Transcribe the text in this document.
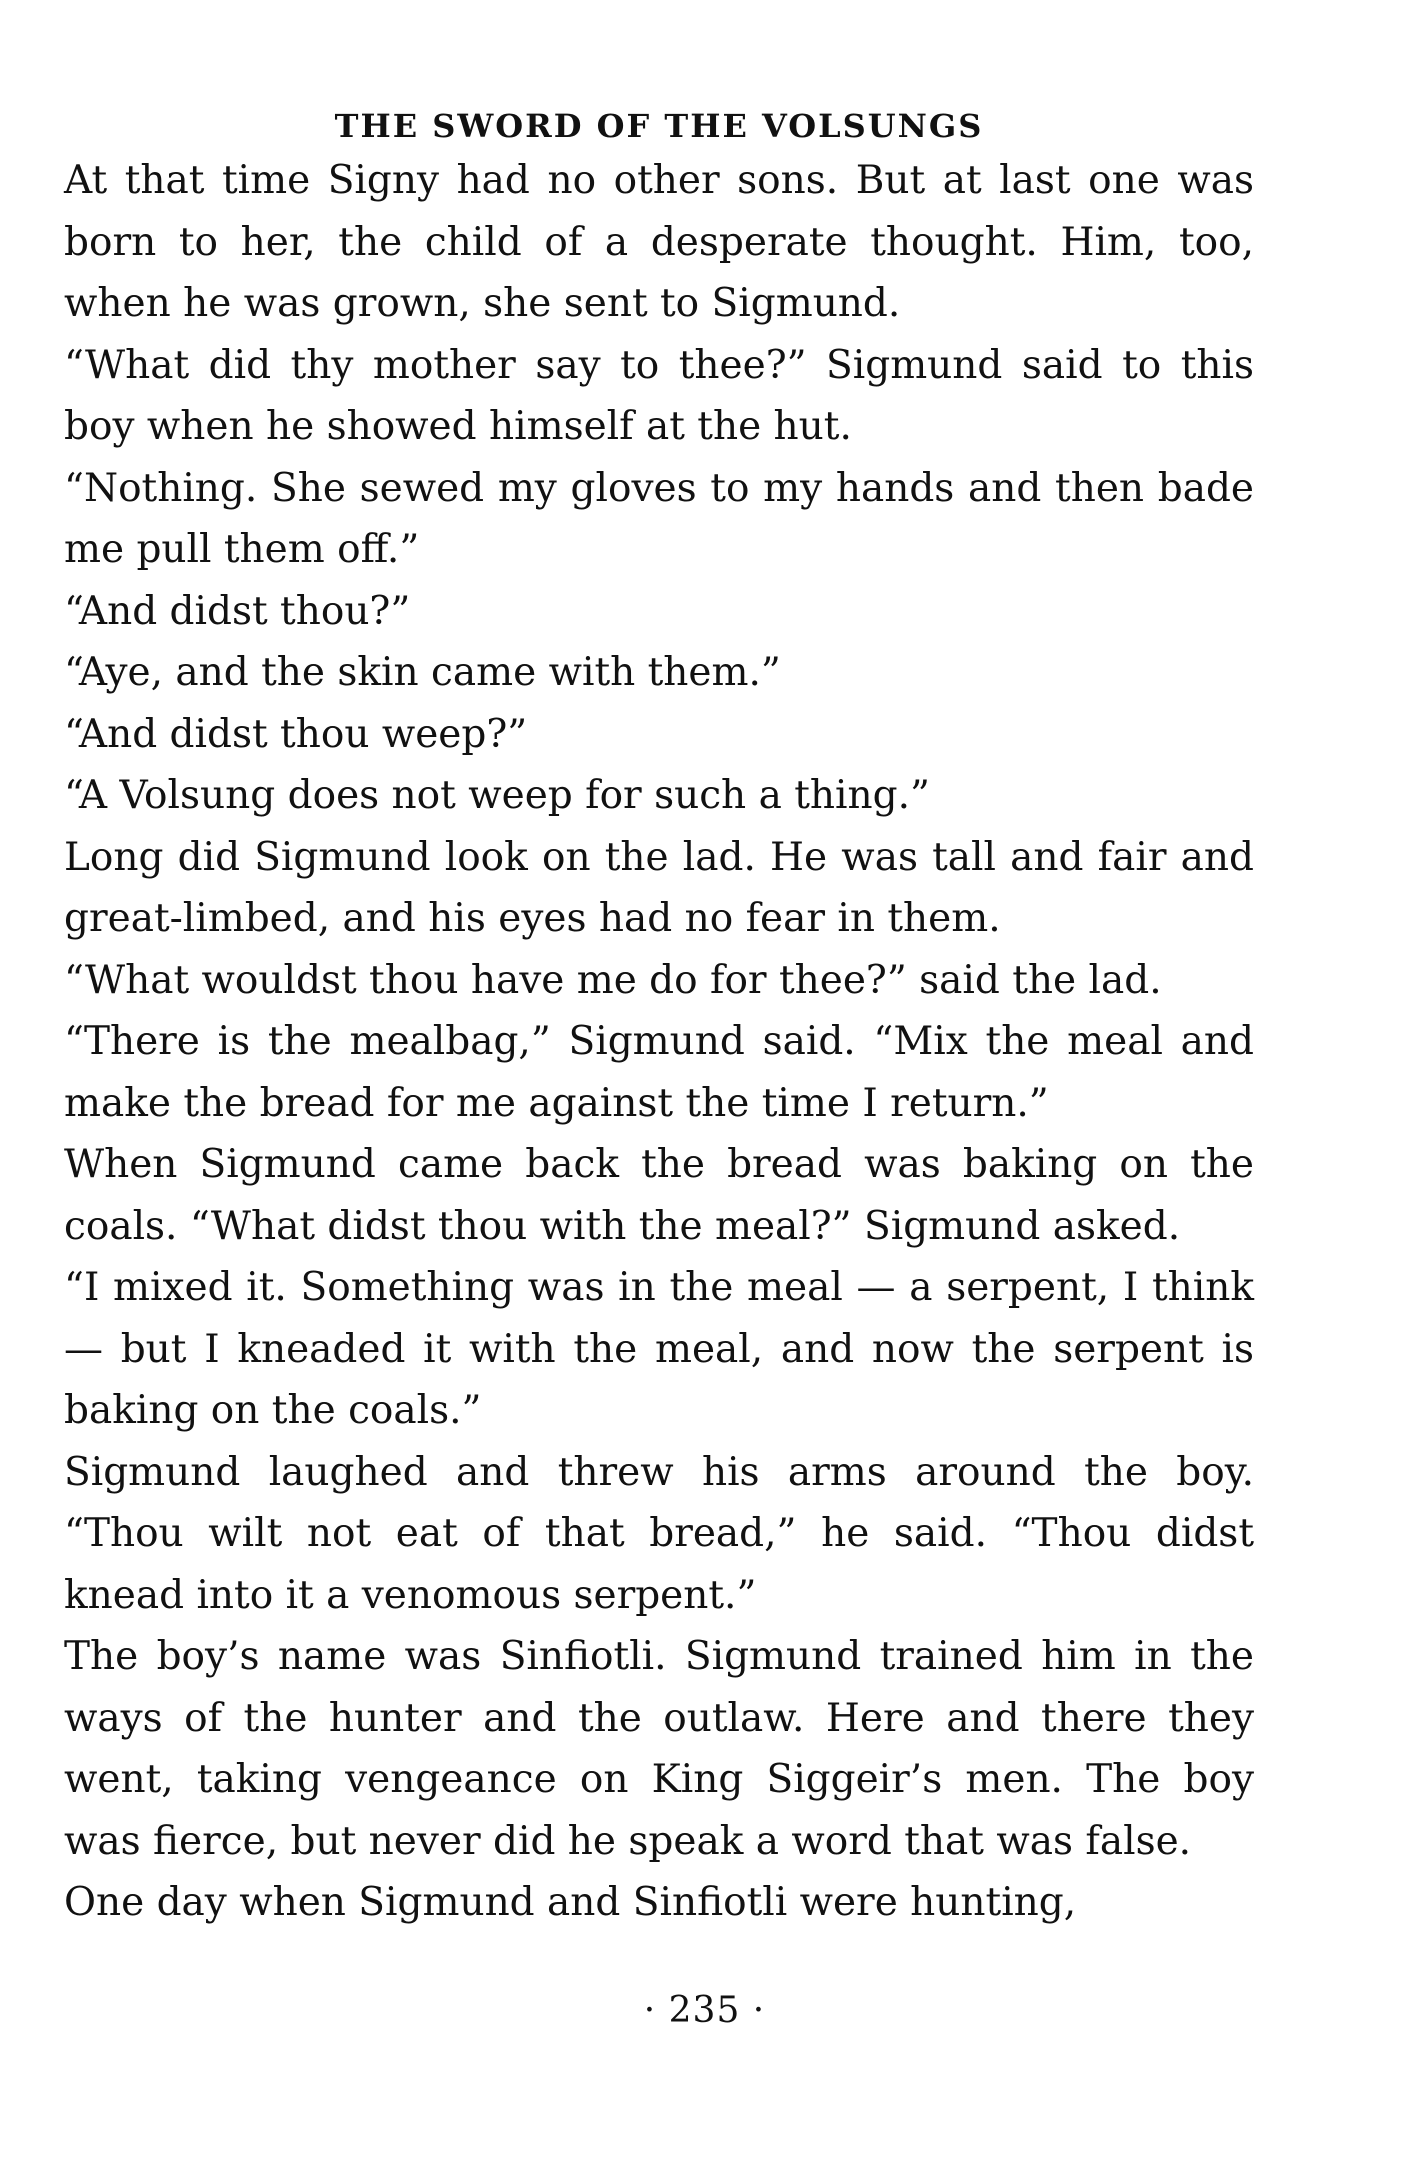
THE SWORD OF THE VOLSUNGS

At that time Signy had no other sons. But at last one was born to her, the child of a desperate thought. Him, too, when he was grown, she sent to Sigmund.

“What did thy mother say to thee?” Sigmund said to this boy when he showed himself at the hut.

“Nothing. She sewed my gloves to my hands and then bade me pull them off.”

“And didst thou?”

“Aye, and the skin came with them.”

“And didst thou weep?”

“A Volsung does not weep for such a thing.”

Long did Sigmund look on the lad. He was tall and fair and great-limbed, and his eyes had no fear in them.

“What wouldst thou have me do for thee?” said the lad.

“There is the mealbag,” Sigmund said. “Mix the meal and make the bread for me against the time I return.”

When Sigmund came back the bread was baking on the coals. “What didst thou with the meal?” Sigmund asked.

“I mixed it. Something was in the meal — a serpent, I think — but I kneaded it with the meal, and now the serpent is baking on the coals.”

Sigmund laughed and threw his arms around the boy. “Thou wilt not eat of that bread,” he said. “Thou didst knead into it a venomous serpent.”

The boy’s name was Sinfiotli. Sigmund trained him in the ways of the hunter and the outlaw. Here and there they went, taking vengeance on King Siggeir’s men. The boy was fierce, but never did he speak a word that was false.

One day when Sigmund and Sinfiotli were hunting,

· 235 ·
